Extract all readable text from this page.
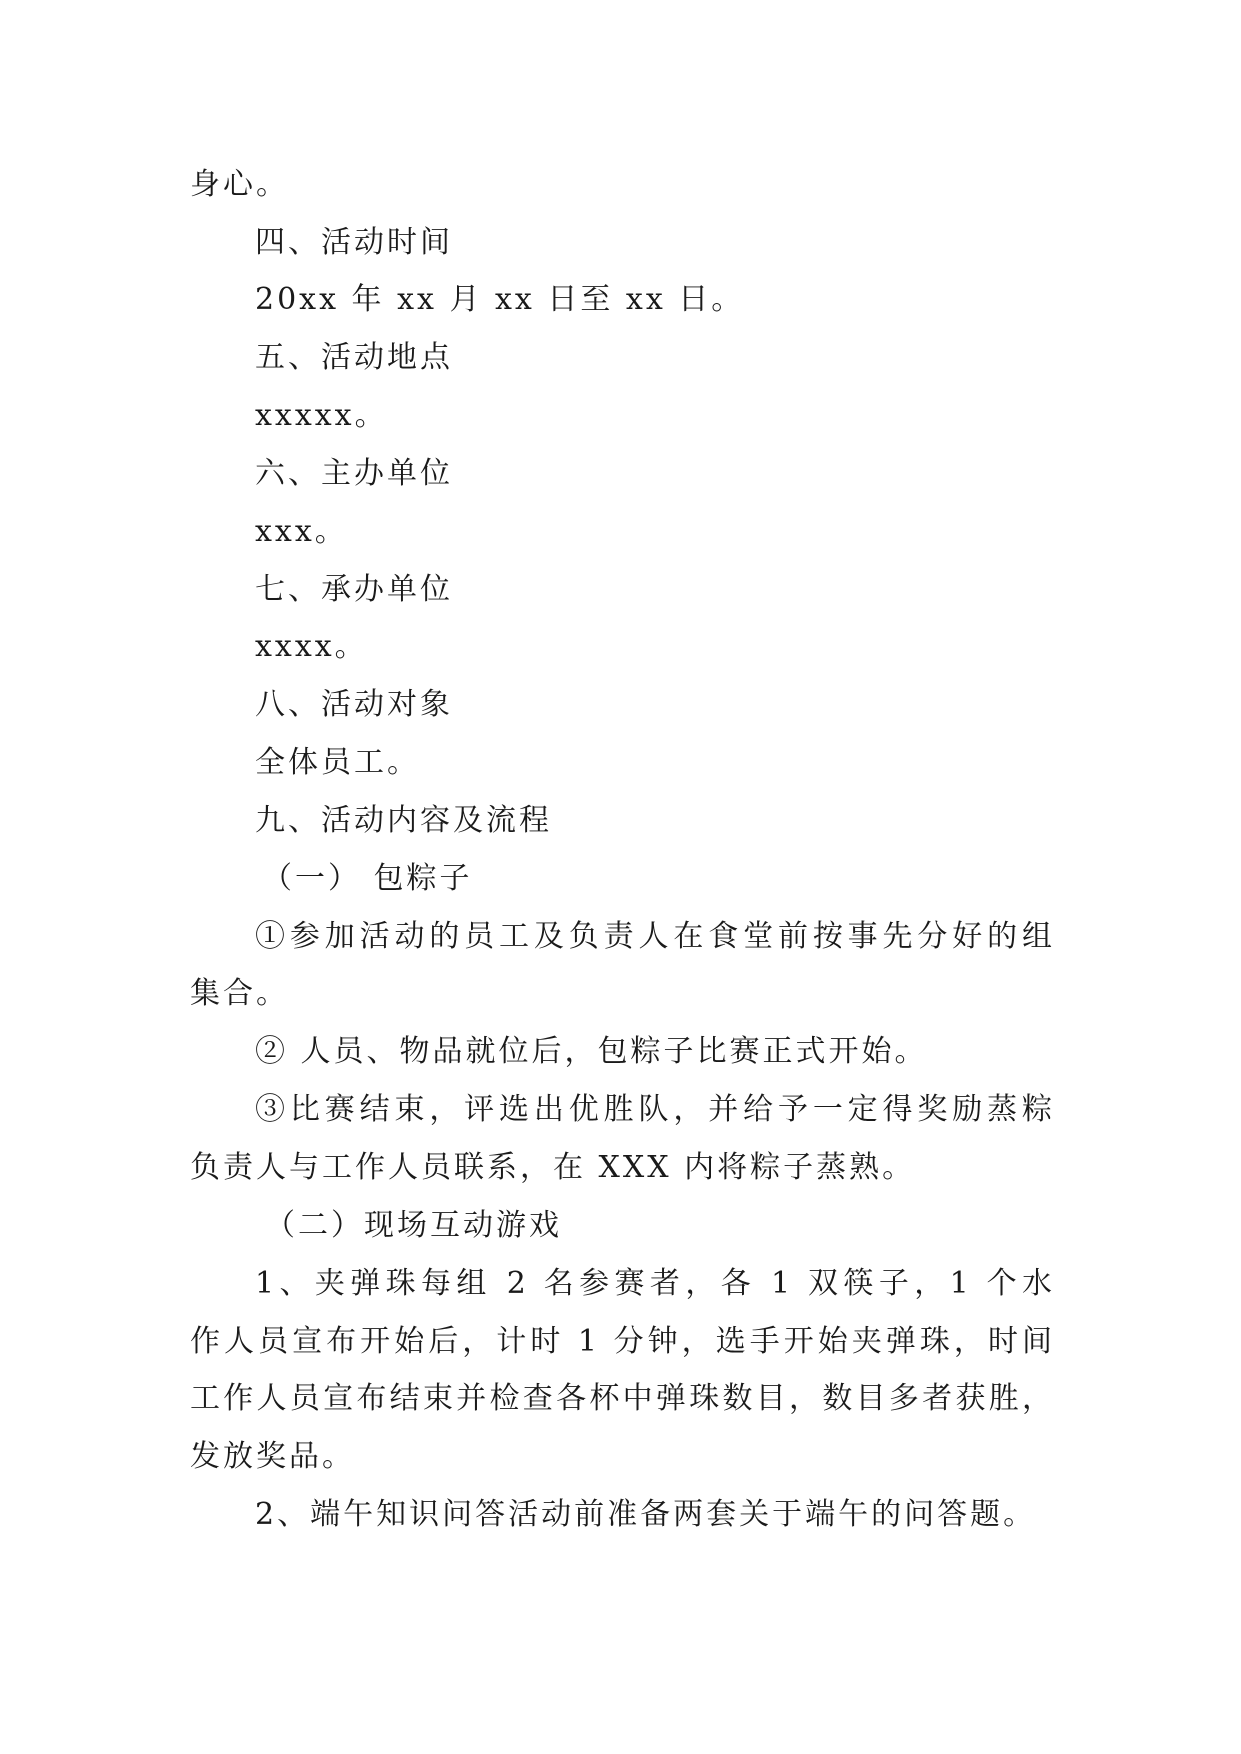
身心。
四、活动时间
20xx 年 xx 月 xx 日至 xx 日。
五、活动地点
xxxxx。
六、主办单位
xxx。
七、承办单位
xxxx。
八、活动对象
全体员工。
九、活动内容及流程
（一） 包粽子
①参加活动的员工及负责人在食堂前按事先分好的组
集合。
② 人员、物品就位后，包粽子比赛正式开始。
③比赛结束，评选出优胜队，并给予一定得奖励蒸粽
负责人与工作人员联系，在 XXX 内将粽子蒸熟。
（二）现场互动游戏
1、夹弹珠每组 2 名参赛者，各 1 双筷子，1 个水
作人员宣布开始后，计时 1 分钟，选手开始夹弹珠，时间
工作人员宣布结束并检查各杯中弹珠数目，数目多者获胜，
发放奖品。
2、端午知识问答活动前准备两套关于端午的问答题。
